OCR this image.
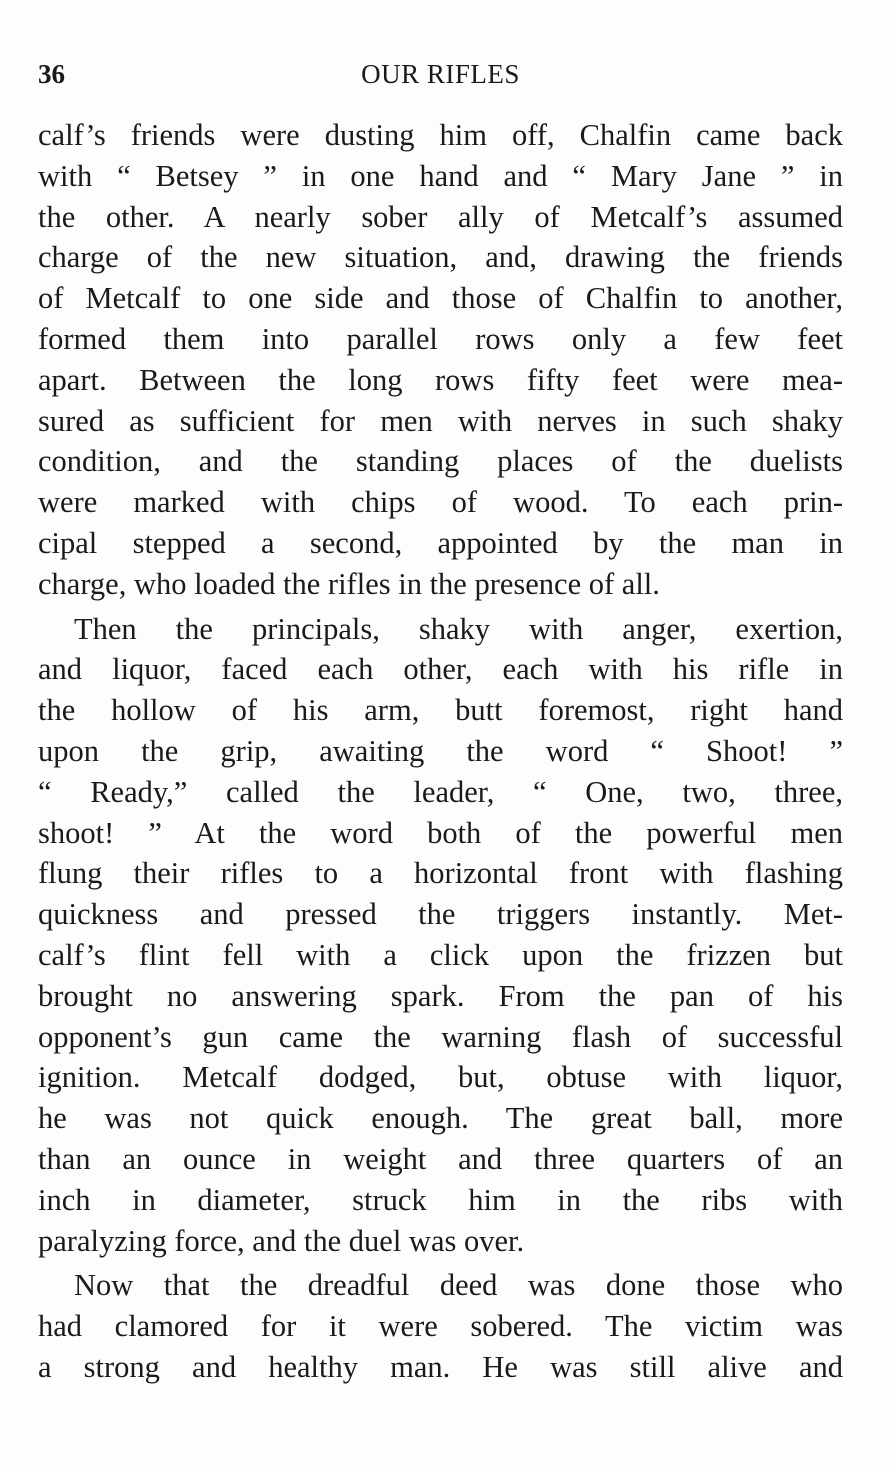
36	OUR RIFLES
calf’s friends were dusting him off, Chalfin came back
with “ Betsey ” in one hand and “ Mary Jane ” in
the other. A nearly sober ally of Metcalf’s assumed
charge of the new situation, and, drawing the friends
of Metcalf to one side and those of Chalfin to another,
formed them into parallel rows only a few feet
apart. Between the long rows fifty feet were mea-
sured as sufficient for men with nerves in such shaky
condition, and the standing places of the duelists
were marked with chips of wood. To each prin-
cipal stepped a second, appointed by the man in
charge, who loaded the rifles in the presence of all.
Then the principals, shaky with anger, exertion,
and liquor, faced each other, each with his rifle in
the hollow of his arm, butt foremost, right hand
upon the grip, awaiting the word “ Shoot! ”
“ Ready,” called the leader, “ One, two, three,
shoot! ” At the word both of the powerful men
flung their rifles to a horizontal front with flashing
quickness and pressed the triggers instantly. Met-
calf’s flint fell with a click upon the frizzen but
brought no answering spark. From the pan of his
opponent’s gun came the warning flash of successful
ignition. Metcalf dodged, but, obtuse with liquor,
he was not quick enough. The great ball, more
than an ounce in weight and three quarters of an
inch in diameter, struck him in the ribs with
paralyzing force, and the duel was over.
Now that the dreadful deed was done those who
had clamored for it were sobered. The victim was
a strong and healthy man. He was still alive and
